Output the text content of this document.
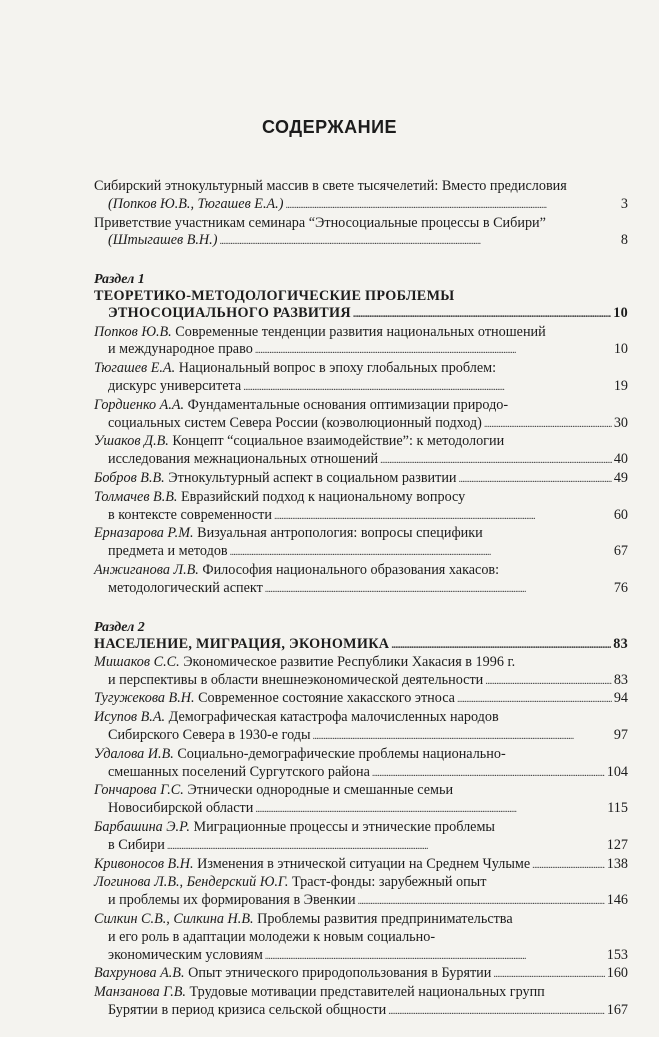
СОДЕРЖАНИЕ
Сибирский этнокультурный массив в свете тысячелетий: Вместо предисловия
(Попков Ю.В., Тюгашев Е.А.) . . .	3
Приветствие участникам семинара “Этносоциальные процессы в Сибири”
(Штыгашев В.Н.) . . .	8
Раздел 1
ТЕОРЕТИКО-МЕТОДОЛОГИЧЕСКИЕ ПРОБЛЕМЫ
ЭТНОСОЦИАЛЬНОГО РАЗВИТИЯ . . .	10
Попков Ю.В. Современные тенденции развития национальных отношений
и международное право . . .	10
Тюгашев Е.А. Национальный вопрос в эпоху глобальных проблем:
дискурс университета . . .	19
Гордиенко А.А. Фундаментальные основания оптимизации природо-
социальных систем Севера России (коэволюционный подход) . . .	30
Ушаков Д.В. Концепт “социальное взаимодействие”: к методологии
исследования межнациональных отношений . . .	40
Бобров В.В. Этнокультурный аспект в социальном развитии . . .	49
Толмачев В.В. Евразийский подход к национальному вопросу
в контексте современности . . .	60
Ерназарова Р.М. Визуальная антропология: вопросы специфики
предмета и методов . . .	67
Анжиганова Л.В. Философия национального образования хакасов:
методологический аспект . . .	76
Раздел 2
НАСЕЛЕНИЕ, МИГРАЦИЯ, ЭКОНОМИКА . . .	83
Мишаков С.С. Экономическое развитие Республики Хакасия в 1996 г.
и перспективы в области внешнеэкономической деятельности . . .	83
Тугужекова В.Н. Современное состояние хакасского этноса . . .	94
Исупов В.А. Демографическая катастрофа малочисленных народов
Сибирского Севера в 1930-е годы . . .	97
Удалова И.В. Социально-демографические проблемы национально-
смешанных поселений Сургутского района . . .	104
Гончарова Г.С. Этнически однородные и смешанные семьи
Новосибирской области . . .	115
Барбашина Э.Р. Миграционные процессы и этнические проблемы
в Сибири . . .	127
Кривоносов В.Н. Изменения в этнической ситуации на Среднем Чулыме . . .	138
Логинова Л.В., Бендерский Ю.Г. Траст-фонды: зарубежный опыт
и проблемы их формирования в Эвенкии . . .	146
Силкин С.В., Силкина Н.В. Проблемы развития предпринимательства
и его роль в адаптации молодежи к новым социально-
экономическим условиям . . .	153
Вахрунова А.В. Опыт этнического природопользования в Бурятии . . .	160
Манзанова Г.В. Трудовые мотивации представителей национальных групп
Бурятии в период кризиса сельской общности . . .	167
